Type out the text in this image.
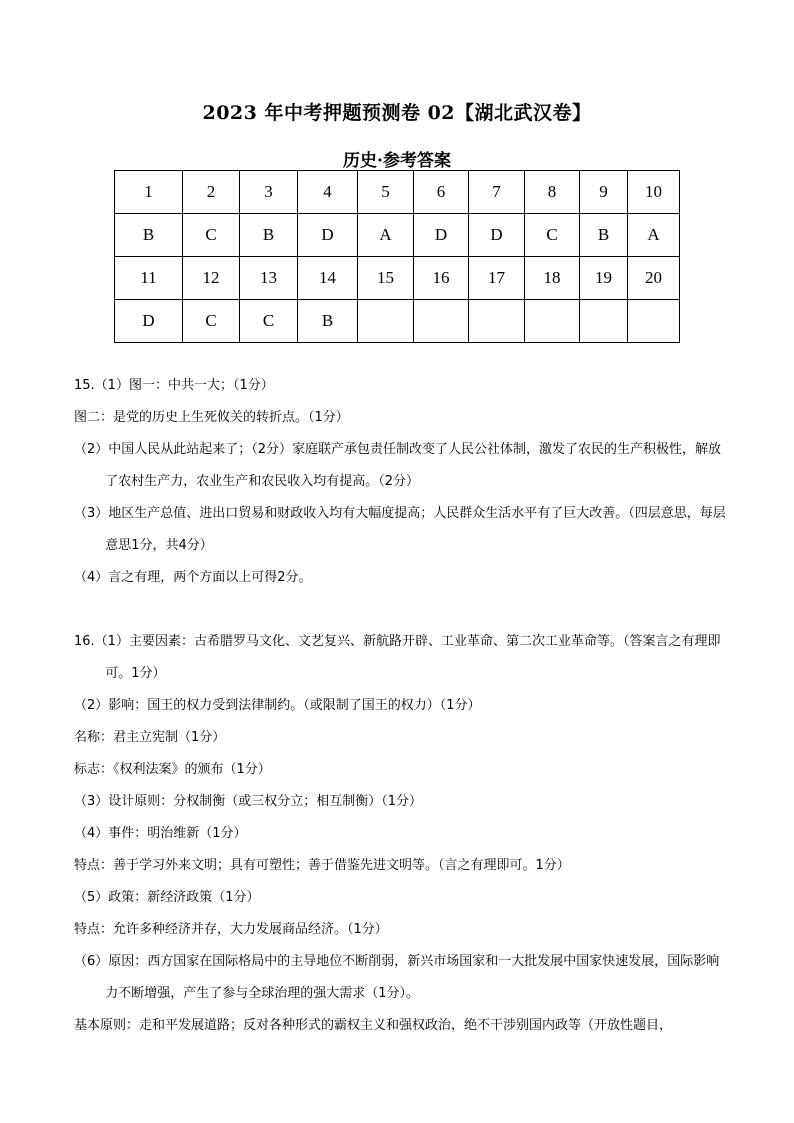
2023 年中考押题预测卷 02【湖北武汉卷】
历史·参考答案
1	2	3	4	5	6	7	8	9	10
B	C	B	D	A	D	D	C	B	A
11	12	13	14	15	16	17	18	19	20
D	C	C	B						

15.（1）图一：中共一大；（1分）

图二：是党的历史上生死攸关的转折点。（1分）

（2）中国人民从此站起来了；（2分）家庭联产承包责任制改变了人民公社体制，激发了农民的生产积极性，解放了农村生产力，农业生产和农民收入均有提高。（2分）

（3）地区生产总值、进出口贸易和财政收入均有大幅度提高；人民群众生活水平有了巨大改善。（四层意思，每层意思1分，共4分）

（4）言之有理，两个方面以上可得2分。

16.（1）主要因素：古希腊罗马文化、文艺复兴、新航路开辟、工业革命、第二次工业革命等。（答案言之有理即可。1分）

（2）影响：国王的权力受到法律制约。（或限制了国王的权力）（1分）

名称：君主立宪制（1分）

标志：《权利法案》的颁布（1分）

（3）设计原则：分权制衡（或三权分立；相互制衡）（1分）

（4）事件：明治维新（1分）

特点：善于学习外来文明；具有可塑性；善于借鉴先进文明等。（言之有理即可。1分）

（5）政策：新经济政策（1分）

特点：允许多种经济并存，大力发展商品经济。（1分）

（6）原因：西方国家在国际格局中的主导地位不断削弱，新兴市场国家和一大批发展中国家快速发展，国际影响力不断增强，产生了参与全球治理的强大需求（1分）。

基本原则：走和平发展道路；反对各种形式的霸权主义和强权政治，绝不干涉别国内政等（开放性题目，
